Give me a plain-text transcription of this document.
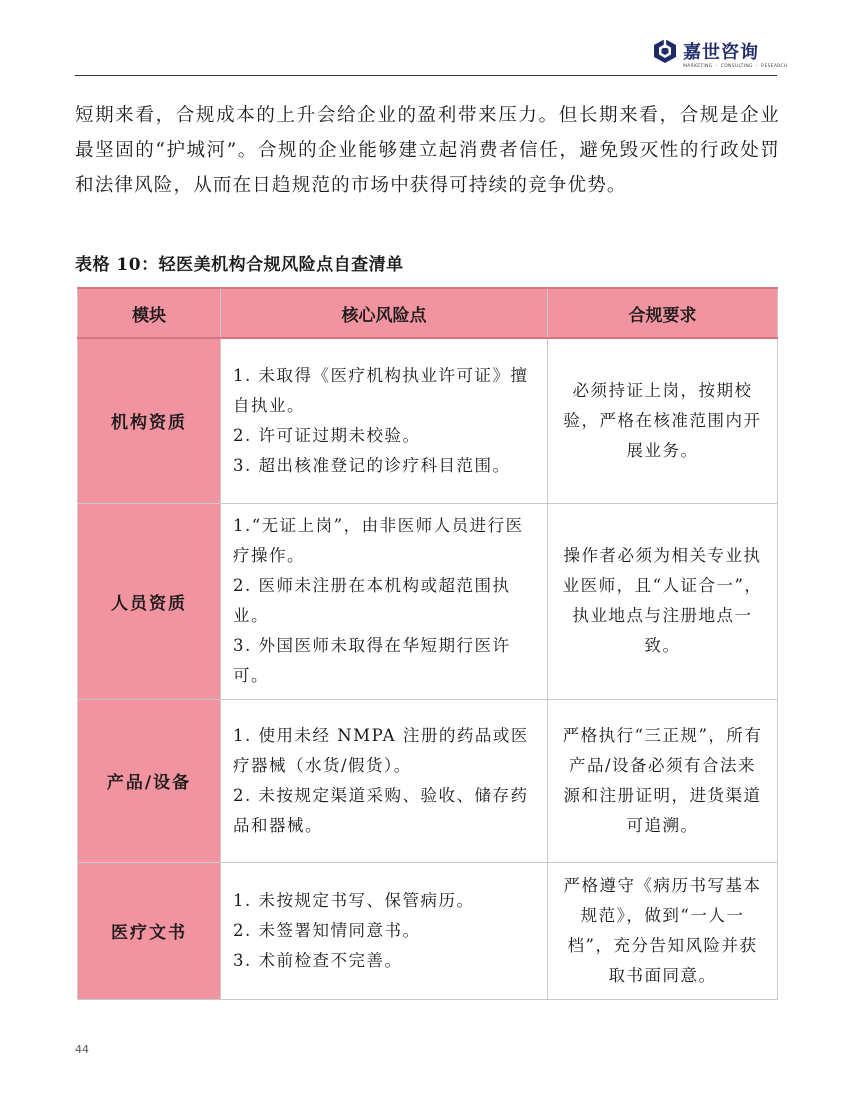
嘉世咨询
MARKETING ・ CONSULTING ・ RESEARCH
短期来看，合规成本的上升会给企业的盈利带来压力。但长期来看，合规是企业最坚固的“护城河”。合规的企业能够建立起消费者信任，避免毁灭性的行政处罚和法律风险，从而在日趋规范的市场中获得可持续的竞争优势。
表格 10：轻医美机构合规风险点自查清单
模块	核心风险点	合规要求
机构资质	1. 未取得《医疗机构执业许可证》擅自执业。
2. 许可证过期未校验。
3. 超出核准登记的诊疗科目范围。	必须持证上岗，按期校验，严格在核准范围内开展业务。
人员资质	1.“无证上岗”，由非医师人员进行医疗操作。
2. 医师未注册在本机构或超范围执业。
3. 外国医师未取得在华短期行医许可。	操作者必须为相关专业执业医师，且“人证合一”，执业地点与注册地点一致。
产品/设备	1. 使用未经 NMPA 注册的药品或医疗器械（水货/假货）。
2. 未按规定渠道采购、验收、储存药品和器械。	严格执行“三正规”，所有产品/设备必须有合法来源和注册证明，进货渠道可追溯。
医疗文书	1. 未按规定书写、保管病历。
2. 未签署知情同意书。
3. 术前检查不完善。	严格遵守《病历书写基本规范》，做到“一人一档”，充分告知风险并获取书面同意。
44
